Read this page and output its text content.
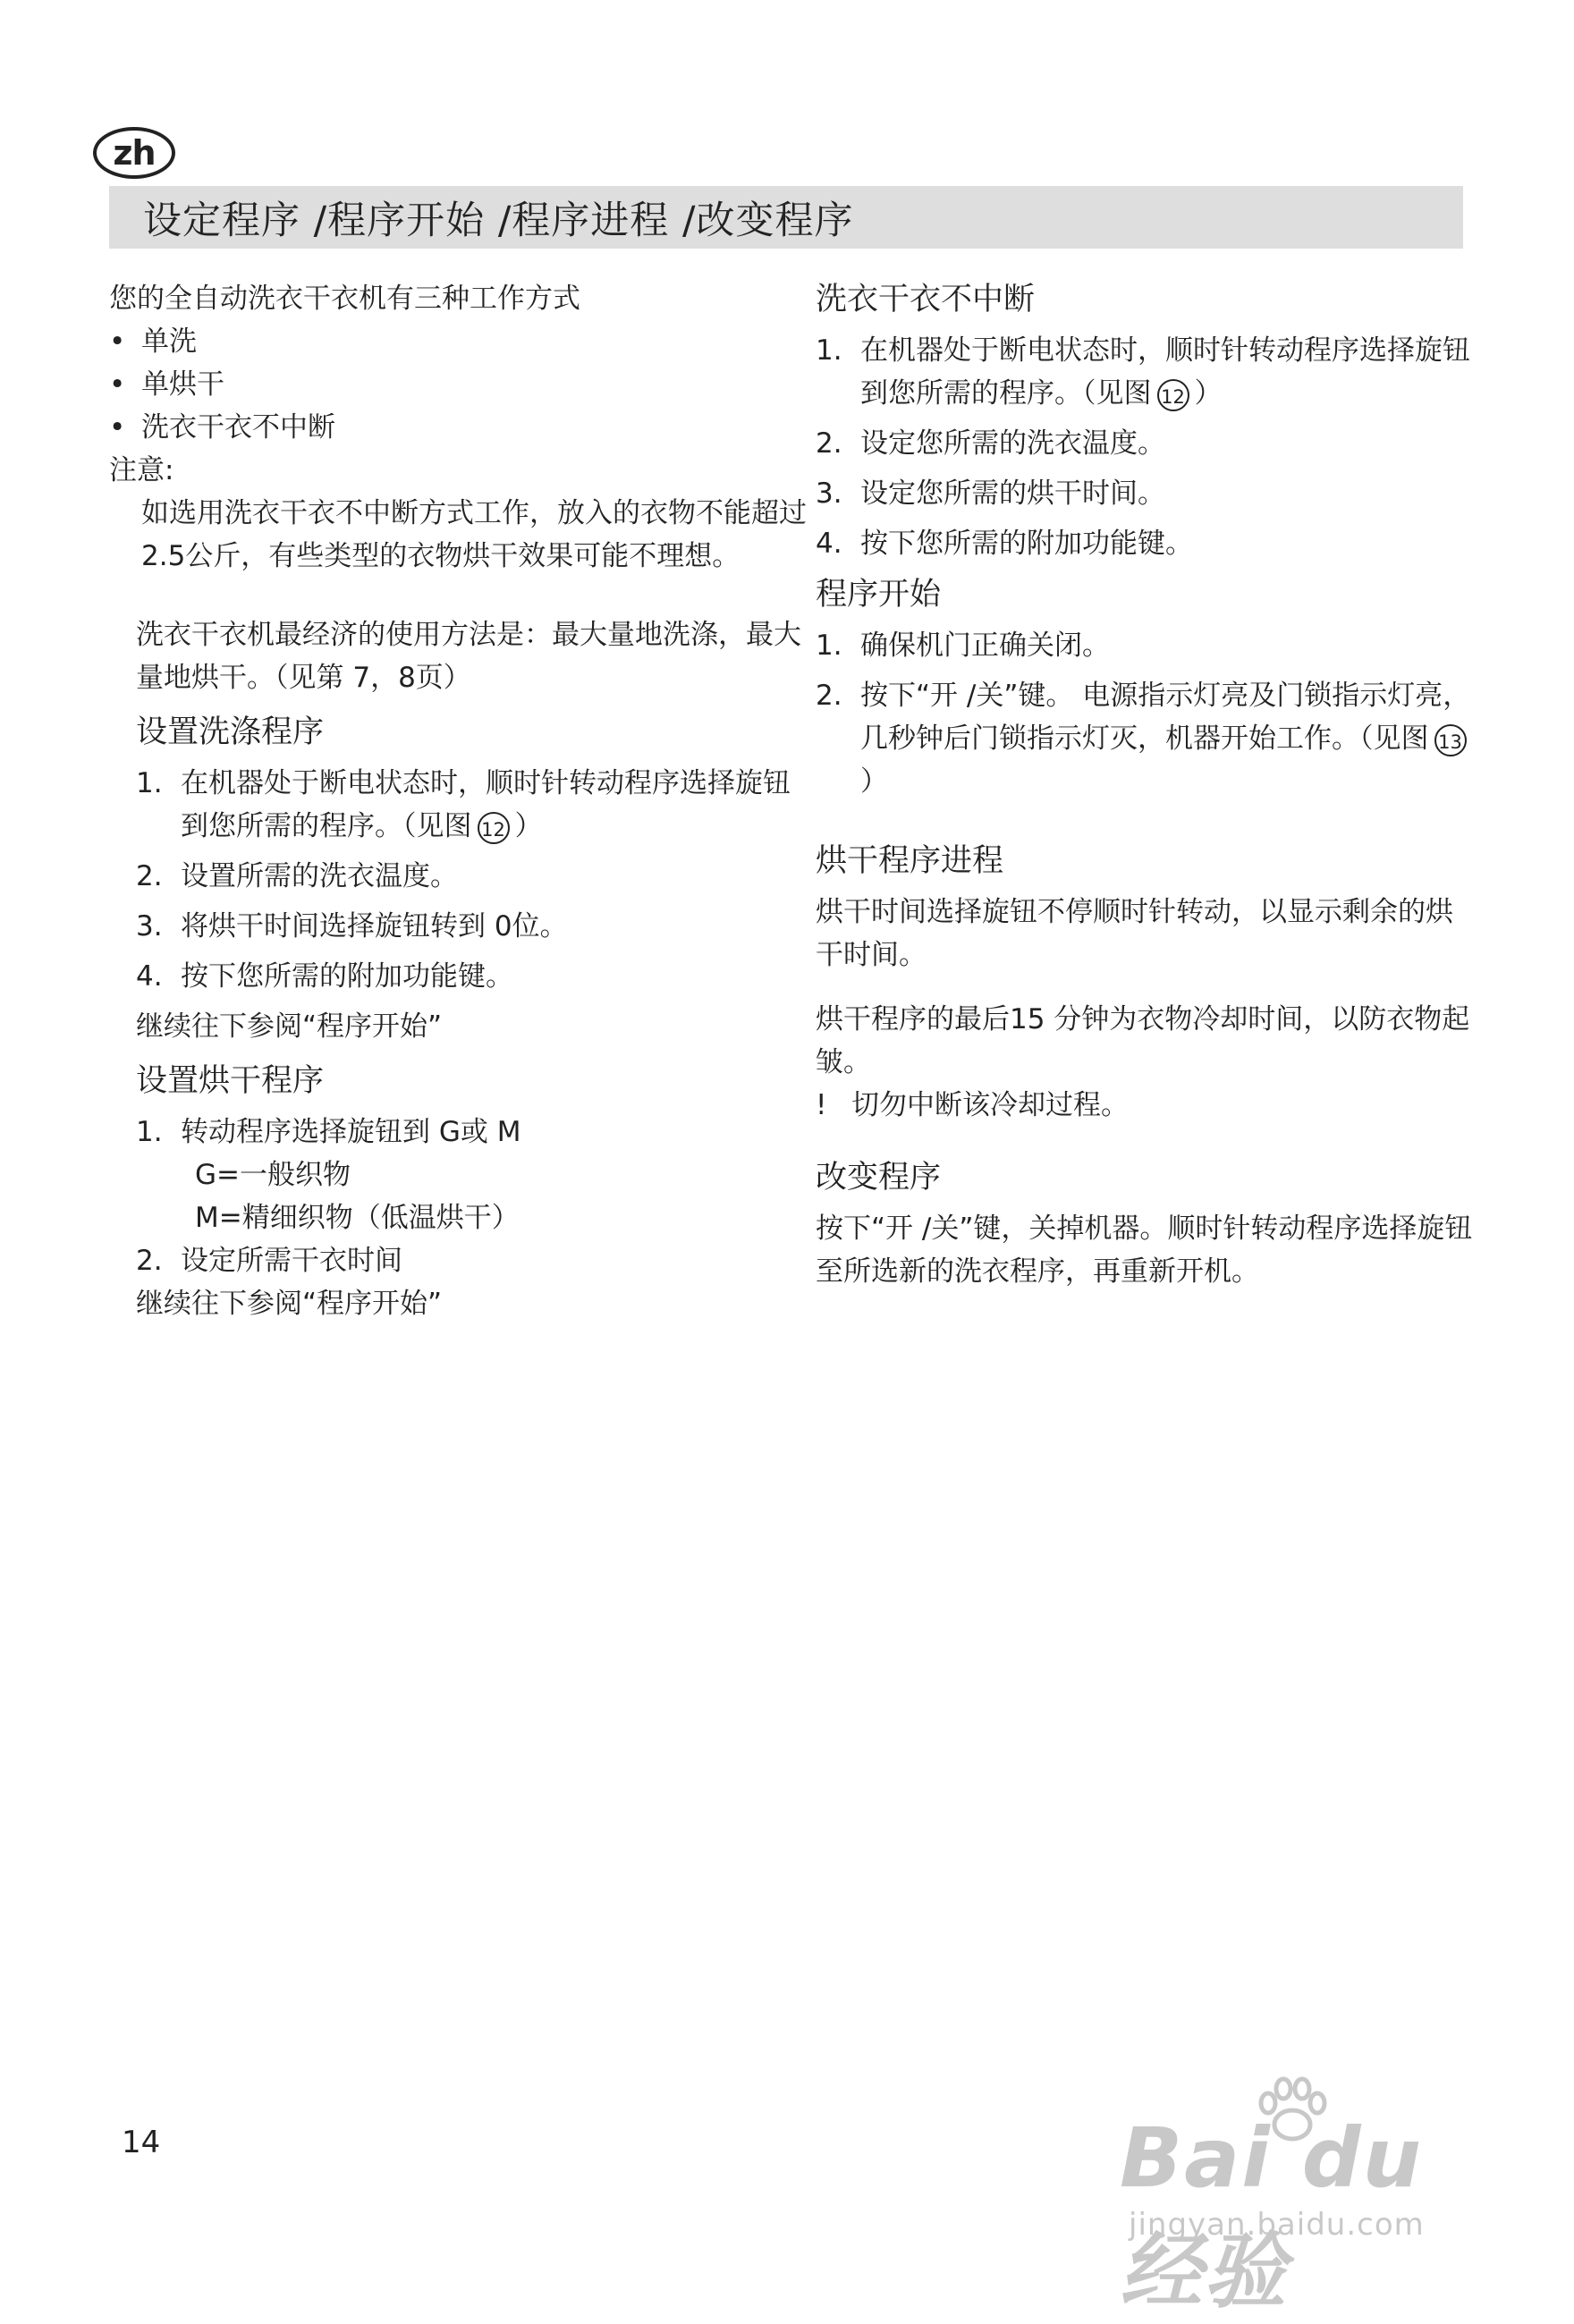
zh
设定程序 /程序开始 /程序进程 /改变程序

您的全自动洗衣干衣机有三种工作方式

• 单洗
• 单烘干
• 洗衣干衣不中断

注意:

如选用洗衣干衣不中断方式工作，放入的衣物不能超过2.5公斤，有些类型的衣物烘干效果可能不理想。

洗衣干衣机最经济的使用方法是：最大量地洗涤，最大量地烘干。（见第 7，8页）

设置洗涤程序

1. 在机器处于断电状态时，顺时针转动程序选择旋钮到您所需的程序。（见图 12 ）
2. 设置所需的洗衣温度。
3. 将烘干时间选择旋钮转到 0位。
4. 按下您所需的附加功能键。

继续往下参阅“程序开始”

设置烘干程序

1. 转动程序选择旋钮到 G或 M

G=一般织物

M=精细织物（低温烘干）

2. 设定所需干衣时间

继续往下参阅“程序开始”

洗衣干衣不中断

1. 在机器处于断电状态时，顺时针转动程序选择旋钮到您所需的程序。（见图 12 ）
2. 设定您所需的洗衣温度。
3. 设定您所需的烘干时间。
4. 按下您所需的附加功能键。

程序开始

1. 确保机门正确关闭。
2. 按下“开 /关”键。 电源指示灯亮及门锁指示灯亮，几秒钟后门锁指示灯灭，机器开始工作。（见图 13）

烘干程序进程

烘干时间选择旋钮不停顺时针转动，以显示剩余的烘干时间。

烘干程序的最后15 分钟为衣物冷却时间，以防衣物起皱。

! 切勿中断该冷却过程。

改变程序

按下“开 /关”键，关掉机器。顺时针转动程序选择旋钮至所选新的洗衣程序，再重新开机。

14	Bai du 经验
jingyan.baidu.com
